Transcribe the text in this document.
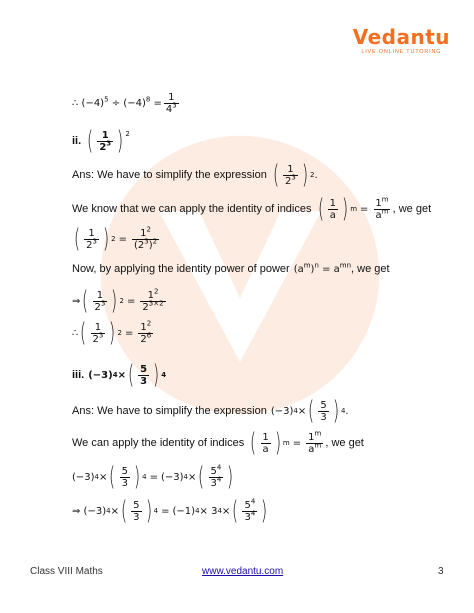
Vedantu
LIVE ONLINE TUTORING
∴ $(-4)^5 \div (-4)^8 = \frac{1}{4^3}$
ii. ( $\frac{1}{2^3}$ ) 2
Ans: We have to simplify the expression ( $\frac{1}{2^3}$ ) 2 .
We know that we can apply the identity of indices ( $\frac{1}{a}$ ) $m = \frac{1^m}{a^m}$ , we get
( $\frac{1}{2^3}$ ) $2 = \frac{1^2}{(2^3)^2}$
Now, by applying the identity power of power $(a^m)^n = a^{mn}$ , we get
⇒ ( $\frac{1}{2^3}$ ) $2 = \frac{1^2}{2^{3\times 2}}$
∴ ( $\frac{1}{2^3}$ ) $2 = \frac{1^2}{2^6}$
iii. (−3) 4 × ( $\frac{5}{3}$ ) 4
Ans: We have to simplify the expression (−3) 4 × ( $\frac{5}{3}$ ) 4 .
We can apply the identity of indices ( $\frac{1}{a}$ ) $m = \frac{1^m}{a^m}$ , we get
(−3) 4 × ( $\frac{5}{3}$ ) 4 = (−3) 4 × ( $\frac{5^4}{3^4}$ )
⇒ (−3) 4 × ( $\frac{5}{3}$ ) 4 = (−1) 4 × 3 4 × ( $\frac{5^4}{3^4}$ )
Class VIII Maths	www.vedantu.com	3
